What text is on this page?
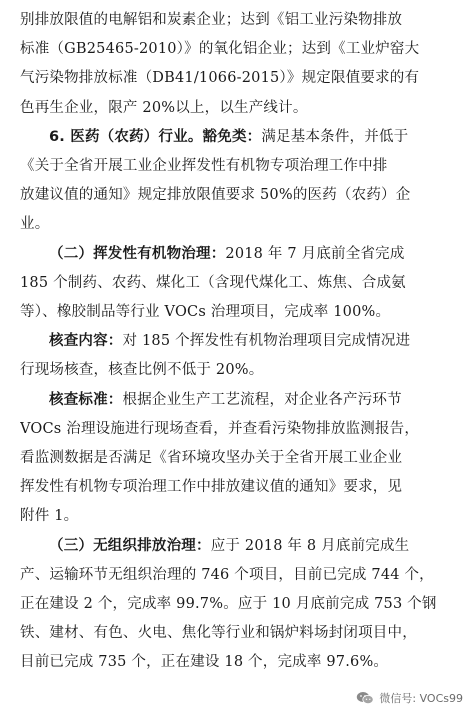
别排放限值的电解铝和炭素企业；达到《铝工业污染物排放
标准（GB25465-2010）》的氧化铝企业；达到《工业炉窑大
气污染物排放标准（DB41/1066-2015）》规定限值要求的有
色再生企业，限产 20%以上，以生产线计。
6. 医药（农药）行业。豁免类：满足基本条件，并低于
《关于全省开展工业企业挥发性有机物专项治理工作中排
放建议值的通知》规定排放限值要求 50%的医药（农药）企
业。
（二）挥发性有机物治理：2018 年 7 月底前全省完成
185 个制药、农药、煤化工（含现代煤化工、炼焦、合成氨
等）、橡胶制品等行业 VOCs 治理项目，完成率 100%。
核查内容：对 185 个挥发性有机物治理项目完成情况进
行现场核查，核查比例不低于 20%。
核查标准：根据企业生产工艺流程，对企业各产污环节
VOCs 治理设施进行现场查看，并查看污染物排放监测报告，
看监测数据是否满足《省环境攻坚办关于全省开展工业企业
挥发性有机物专项治理工作中排放建议值的通知》要求，见
附件 1。
（三）无组织排放治理：应于 2018 年 8 月底前完成生
产、运输环节无组织治理的 746 个项目，目前已完成 744 个，
正在建设 2 个，完成率 99.7%。应于 10 月底前完成 753 个钢
铁、建材、有色、火电、焦化等行业和锅炉料场封闭项目中，
目前已完成 735 个，正在建设 18 个，完成率 97.6%。
微信号: VOCs99
